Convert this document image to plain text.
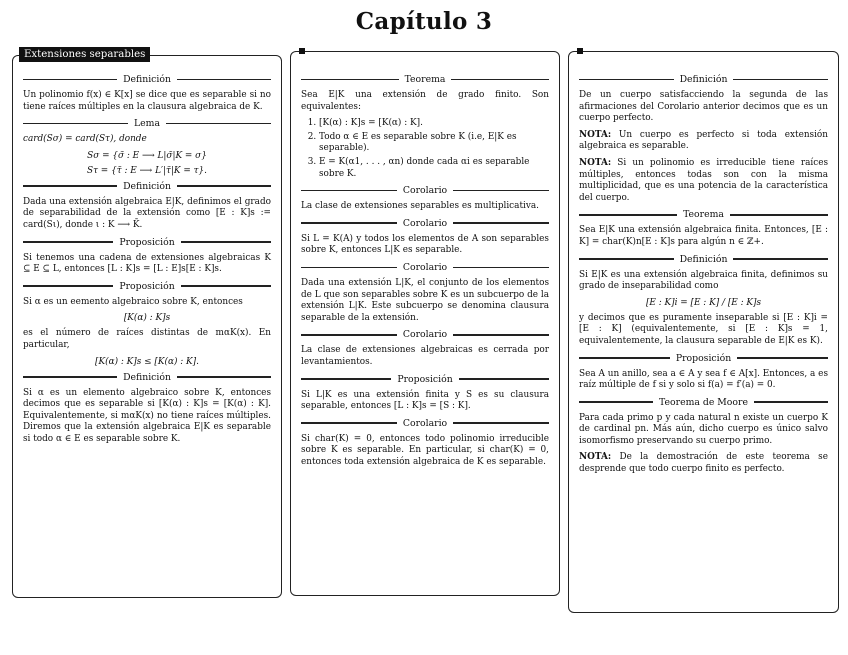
Capítulo 3
Definición

Un polinomio f(x) ∈ K[x] se dice que es separable si no tiene raíces múltiples en la clausura algebraica de K.

Lema

card(Sσ) = card(Sτ), donde

Sσ = {σ̃ : E ⟶ L|σ̃|K = σ}
Sτ = {τ̃ : E ⟶ L′|τ̃|K = τ}.
Definición

Dada una extensión algebraica E|K, definimos el grado de separabilidad de la extensión como [E : K]s := card(Sι), donde ι : K ⟶ K̄.

Proposición

Si tenemos una cadena de extensiones algebraicas K ⊆ E ⊆ L, entonces [L : K]s = [L : E]s[E : K]s.

Proposición

Si α es un eemento algebraico sobre K, entonces

[K(α) : K]s

es el número de raíces distintas de mαK(x). En particular,

[K(α) : K]s ≤ [K(α) : K].
Definición

Si α es un elemento algebraico sobre K, entonces decimos que es separable si [K(α) : K]s = [K(α) : K]. Equivalentemente, si mαK(x) no tiene raíces múltiples. Diremos que la extensión algebraica E|K es separable si todo α ∈ E es separable sobre K.

Extensiones separables
Teorema

Sea E|K una extensión de grado finito. Son equivalentes:

1. [K(α) : K]s = [K(α) : K].
2. Todo α ∈ E es separable sobre K (i.e, E|K es separable).
3. E = K(α1, . . . , αn) donde cada αi es separable sobre K.
Corolario

La clase de extensiones separables es multiplicativa.

Corolario

Si L = K(A) y todos los elementos de A son separables sobre K, entonces L|K es separable.

Corolario

Dada una extensión L|K, el conjunto de los elementos de L que son separables sobre K es un subcuerpo de la extensión L|K. Este subcuerpo se denomina clausura separable de la extensión.

Corolario

La clase de extensiones algebraicas es cerrada por levantamientos.

Proposición

Si L|K es una extensión finita y S es su clausura separable, entonces [L : K]s = [S : K].

Corolario

Si char(K) = 0, entonces todo polinomio irreducible sobre K es separable. En particular, si char(K) = 0, entonces toda extensión algebraica de K es separable.

Definición

De un cuerpo satisfacciendo la segunda de las afirmaciones del Corolario anterior decimos que es un cuerpo perfecto.

NOTA: Un cuerpo es perfecto si toda extensión algebraica es separable.

NOTA: Si un polinomio es irreducible tiene raíces múltiples, entonces todas son con la misma multiplicidad, que es una potencia de la característica del cuerpo.

Teorema

Sea E|K una extensión algebraica finita. Entonces, [E : K] = char(K)n[E : K]s para algún n ∈ ℤ+.

Definición

Si E|K es una extensión algebraica finita, definimos su grado de inseparabilidad como

[E : K]i = [E : K] / [E : K]s

y decimos que es puramente inseparable si [E : K]i = [E : K] (equivalentemente, si [E : K]s = 1, equivalentemente, la clausura separable de E|K es K).

Proposición

Sea A un anillo, sea a ∈ A y sea f ∈ A[x]. Entonces, a es raíz múltiple de f si y solo si f(a) = f′(a) = 0.

Teorema de Moore

Para cada primo p y cada natural n existe un cuerpo K de cardinal pn. Más aún, dicho cuerpo es único salvo isomorfismo preservando su cuerpo primo.

NOTA: De la demostración de este teorema se desprende que todo cuerpo finito es perfecto.
